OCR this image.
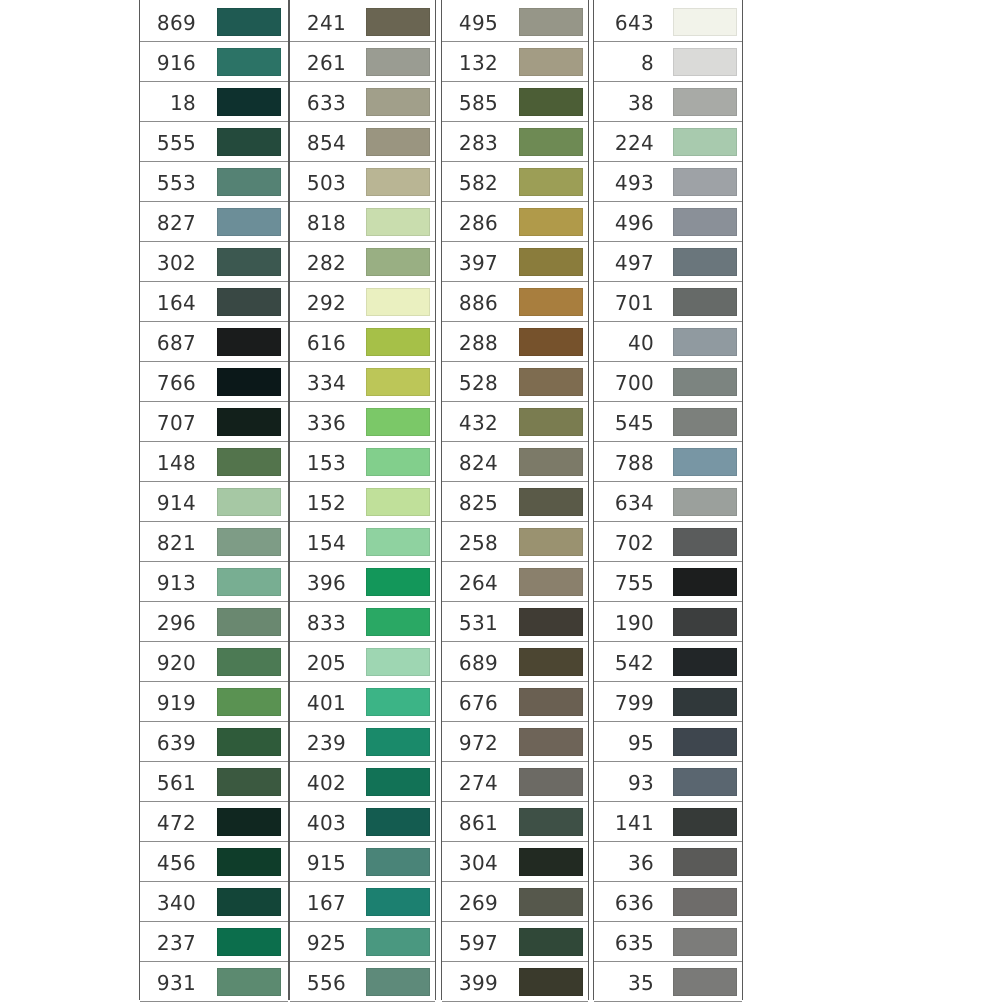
869
916
18
555
553
827
302
164
687
766
707
148
914
821
913
296
920
919
639
561
472
456
340
237
931
241
261
633
854
503
818
282
292
616
334
336
153
152
154
396
833
205
401
239
402
403
915
167
925
556
495
132
585
283
582
286
397
886
288
528
432
824
825
258
264
531
689
676
972
274
861
304
269
597
399
643
8
38
224
493
496
497
701
40
700
545
788
634
702
755
190
542
799
95
93
141
36
636
635
35
